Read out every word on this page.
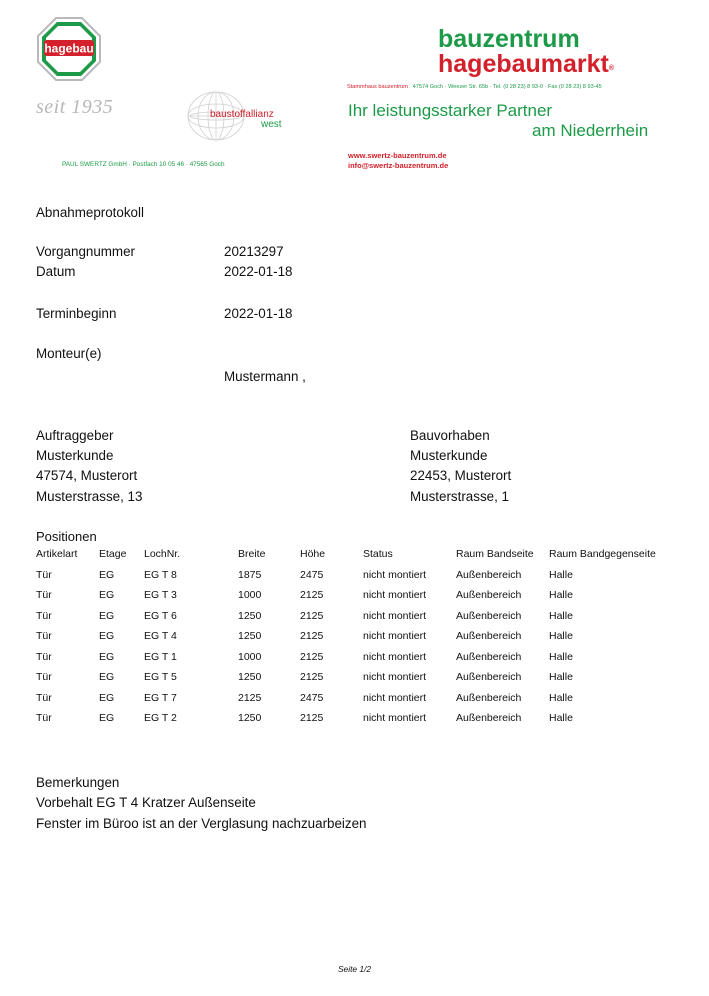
hagebau
seit 1935	baustoffallianz
west
PAUL SWERTZ GmbH · Postfach 10 05 46 · 47565 Goch
bauzentrum
hagebaumarkt®
Stammhaus bauzentrum 47574 Goch · Weezer Str. 65b · Tel. (0 28 23) 8 93-0 · Fax (0 28 23) 8 93-45
Ihr leistungsstarker Partner
am Niederrhein
www.swertz-bauzentrum.de
info@swertz-bauzentrum.de
Abnahmeprotokoll
Vorgangnummer	20213297
Datum	2022-01-18
Terminbeginn	2022-01-18
Monteur(e)
Mustermann ,
Auftraggeber
Musterkunde
47574, Musterort
Musterstrasse, 13
Bauvorhaben
Musterkunde
22453, Musterort
Musterstrasse, 1
Positionen
Artikelart	Etage	LochNr.	Breite	Höhe	Status	Raum Bandseite	Raum Bandgegenseite
Tür	EG	EG T 8	1875	2475	nicht montiert	Außenbereich	Halle
Tür	EG	EG T 3	1000	2125	nicht montiert	Außenbereich	Halle
Tür	EG	EG T 6	1250	2125	nicht montiert	Außenbereich	Halle
Tür	EG	EG T 4	1250	2125	nicht montiert	Außenbereich	Halle
Tür	EG	EG T 1	1000	2125	nicht montiert	Außenbereich	Halle
Tür	EG	EG T 5	1250	2125	nicht montiert	Außenbereich	Halle
Tür	EG	EG T 7	2125	2475	nicht montiert	Außenbereich	Halle
Tür	EG	EG T 2	1250	2125	nicht montiert	Außenbereich	Halle
Bemerkungen
Vorbehalt EG T 4 Kratzer Außenseite
Fenster im Büroo ist an der Verglasung nachzuarbeizen
Seite 1/2
